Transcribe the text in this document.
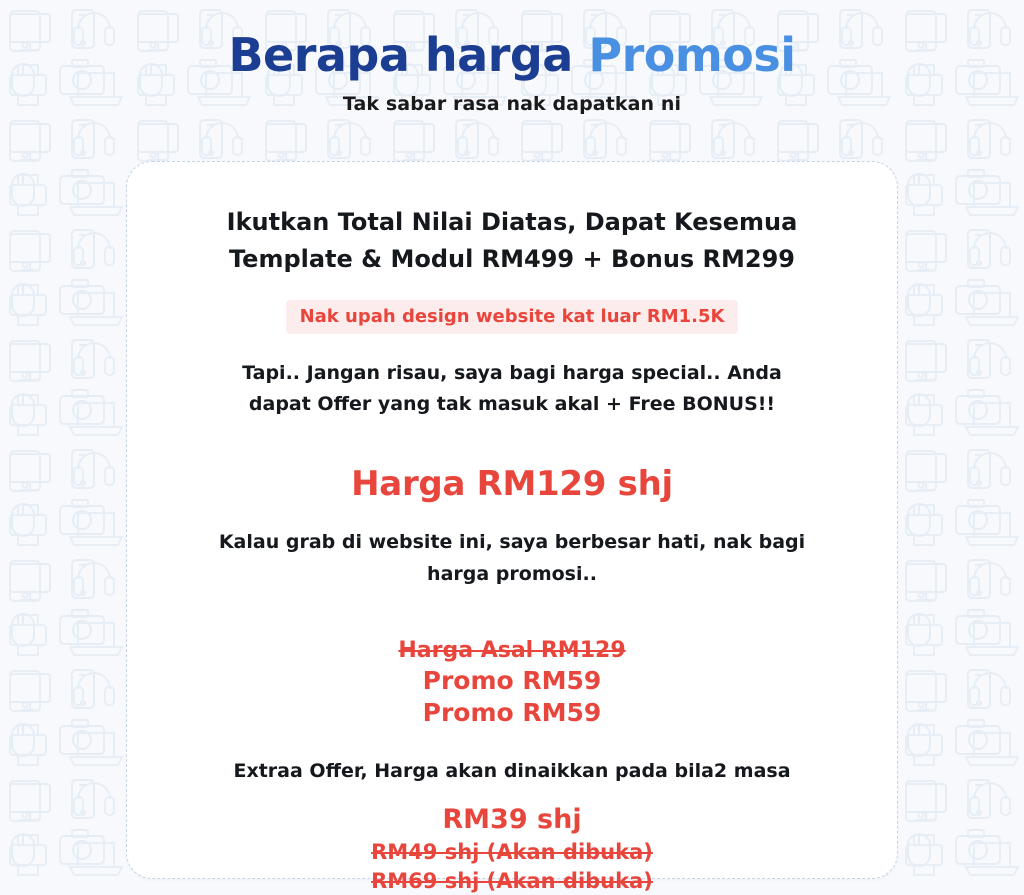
Berapa harga Promosi
Tak sabar rasa nak dapatkan ni

Ikutkan Total Nilai Diatas, Dapat Kesemua Template & Modul RM499 + Bonus RM299

Nak upah design website kat luar RM1.5K

Tapi.. Jangan risau, saya bagi harga special.. Anda dapat Offer yang tak masuk akal + Free BONUS!!

Harga RM129 shj

Kalau grab di website ini, saya berbesar hati, nak bagi harga promosi..

Harga Asal RM129
Promo RM59
Promo RM59
Extraa Offer, Harga akan dinaikkan pada bila2 masa
RM39 shj
RM49 shj (Akan dibuka)
RM69 shj (Akan dibuka)
